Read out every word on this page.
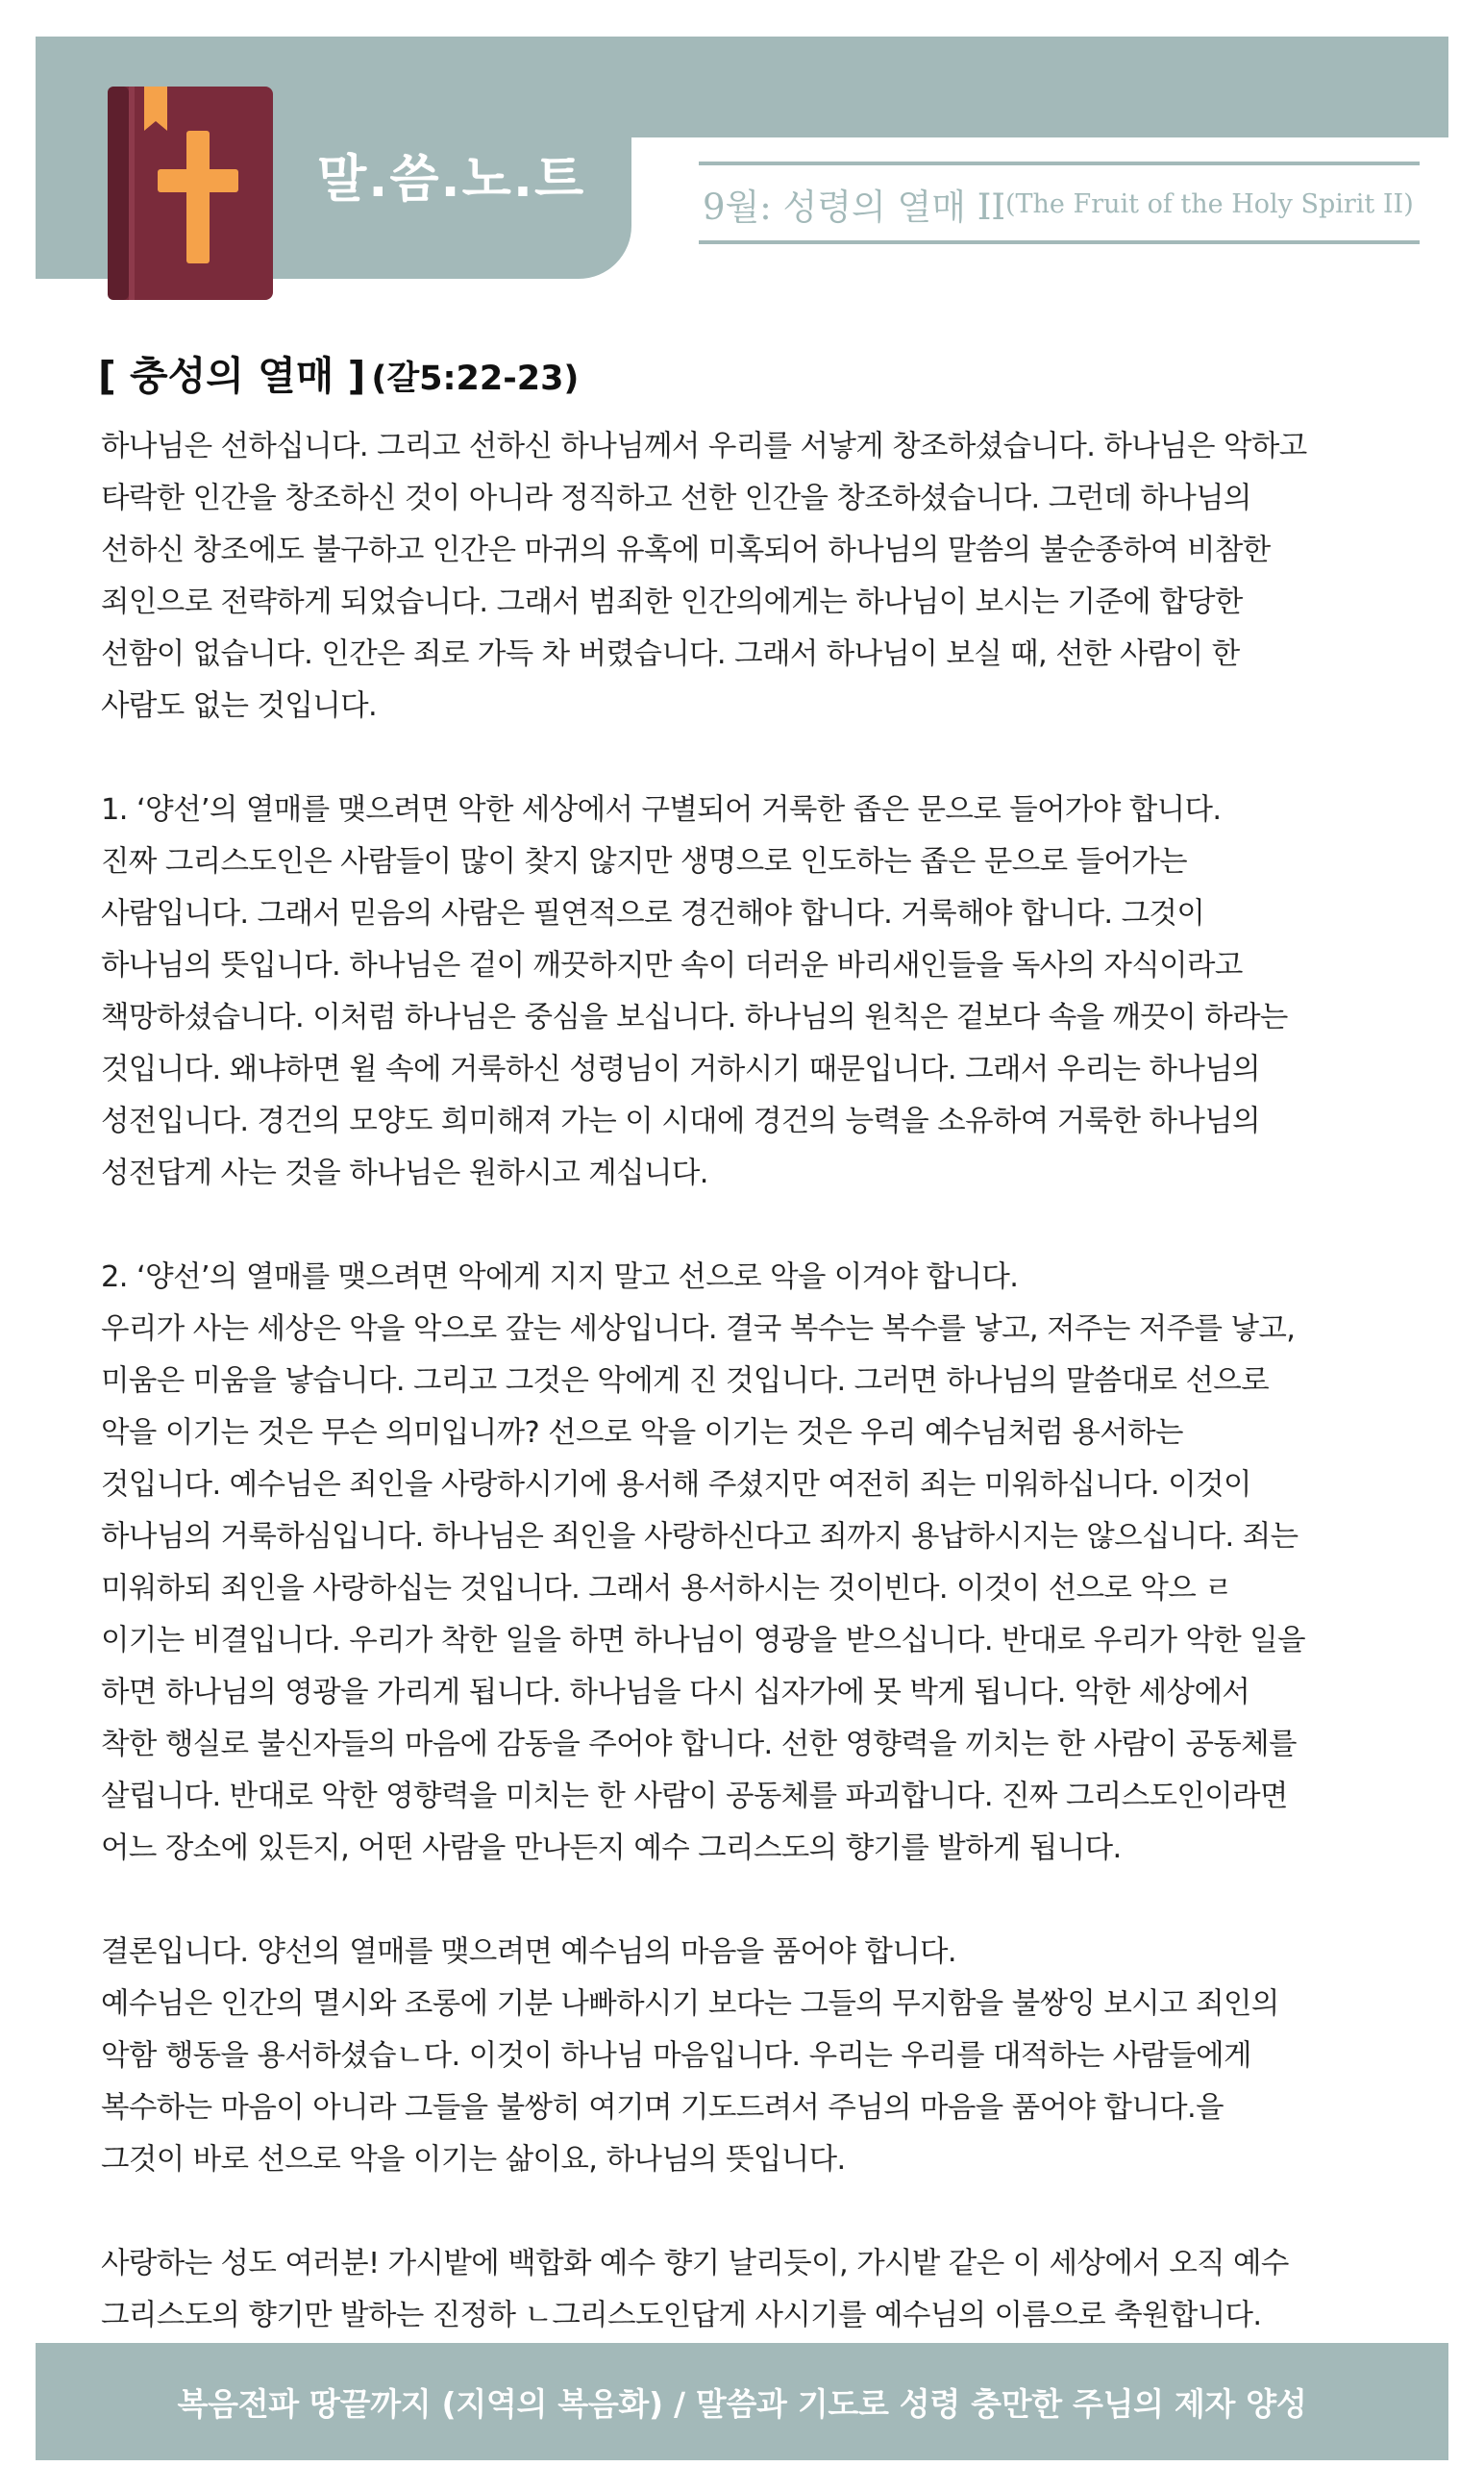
말.씀.노.트	9월: 성령의 열매 II (The Fruit of the Holy Spirit II)
[ 충성의 열매 ] (갈5:22-23)
하나님은 선하십니다. 그리고 선하신 하나님께서 우리를 서낳게 창조하셨습니다. 하나님은 악하고
타락한 인간을 창조하신 것이 아니라 정직하고 선한 인간을 창조하셨습니다. 그런데 하나님의
선하신 창조에도 불구하고 인간은 마귀의 유혹에 미혹되어 하나님의 말씀의 불순종하여 비참한
죄인으로 전략하게 되었습니다. 그래서 범죄한 인간의에게는 하나님이 보시는 기준에 합당한
선함이 없습니다. 인간은 죄로 가득 차 버렸습니다. 그래서 하나님이 보실 때, 선한 사람이 한
사람도 없는 것입니다.
1. ‘양선’의 열매를 맺으려면 악한 세상에서 구별되어 거룩한 좁은 문으로 들어가야 합니다.
진짜 그리스도인은 사람들이 많이 찾지 않지만 생명으로 인도하는 좁은 문으로 들어가는
사람입니다. 그래서 믿음의 사람은 필연적으로 경건해야 합니다. 거룩해야 합니다. 그것이
하나님의 뜻입니다. 하나님은 겉이 깨끗하지만 속이 더러운 바리새인들을 독사의 자식이라고
책망하셨습니다. 이처럼 하나님은 중심을 보십니다. 하나님의 원칙은 겉보다 속을 깨끗이 하라는
것입니다. 왜냐하면 윌 속에 거룩하신 성령님이 거하시기 때문입니다. 그래서 우리는 하나님의
성전입니다. 경건의 모양도 희미해져 가는 이 시대에 경건의 능력을 소유하여 거룩한 하나님의
성전답게 사는 것을 하나님은 원하시고 계십니다.
2. ‘양선’의 열매를 맺으려면 악에게 지지 말고 선으로 악을 이겨야 합니다.
우리가 사는 세상은 악을 악으로 갚는 세상입니다. 결국 복수는 복수를 낳고, 저주는 저주를 낳고,
미움은 미움을 낳습니다. 그리고 그것은 악에게 진 것입니다. 그러면 하나님의 말씀대로 선으로
악을 이기는 것은 무슨 의미입니까? 선으로 악을 이기는 것은 우리 예수님처럼 용서하는
것입니다. 예수님은 죄인을 사랑하시기에 용서해 주셨지만 여전히 죄는 미워하십니다. 이것이
하나님의 거룩하심입니다. 하나님은 죄인을 사랑하신다고 죄까지 용납하시지는 않으십니다. 죄는
미워하되 죄인을 사랑하십는 것입니다. 그래서 용서하시는 것이빈다. 이것이 선으로 악으 ㄹ
이기는 비결입니다. 우리가 착한 일을 하면 하나님이 영광을 받으십니다. 반대로 우리가 악한 일을
하면 하나님의 영광을 가리게 됩니다. 하나님을 다시 십자가에 못 박게 됩니다. 악한 세상에서
착한 행실로 불신자들의 마음에 감동을 주어야 합니다. 선한 영향력을 끼치는 한 사람이 공동체를
살립니다. 반대로 악한 영향력을 미치는 한 사람이 공동체를 파괴합니다. 진짜 그리스도인이라면
어느 장소에 있든지, 어떤 사람을 만나든지 예수 그리스도의 향기를 발하게 됩니다.
결론입니다. 양선의 열매를 맺으려면 예수님의 마음을 품어야 합니다.
예수님은 인간의 멸시와 조롱에 기분 나빠하시기 보다는 그들의 무지함을 불쌍잉 보시고 죄인의
악함 행동을 용서하셨습ㄴ다. 이것이 하나님 마음입니다. 우리는 우리를 대적하는 사람들에게
복수하는 마음이 아니라 그들을 불쌍히 여기며 기도드려서 주님의 마음을 품어야 합니다.을
그것이 바로 선으로 악을 이기는 삶이요, 하나님의 뜻입니다.
사랑하는 성도 여러분! 가시밭에 백합화 예수 향기 날리듯이, 가시밭 같은 이 세상에서 오직 예수
그리스도의 향기만 발하는 진정하 ㄴ그리스도인답게 사시기를 예수님의 이름으로 축원합니다.
복음전파 땅끝까지 (지역의 복음화) / 말씀과 기도로 성령 충만한 주님의 제자 양성
